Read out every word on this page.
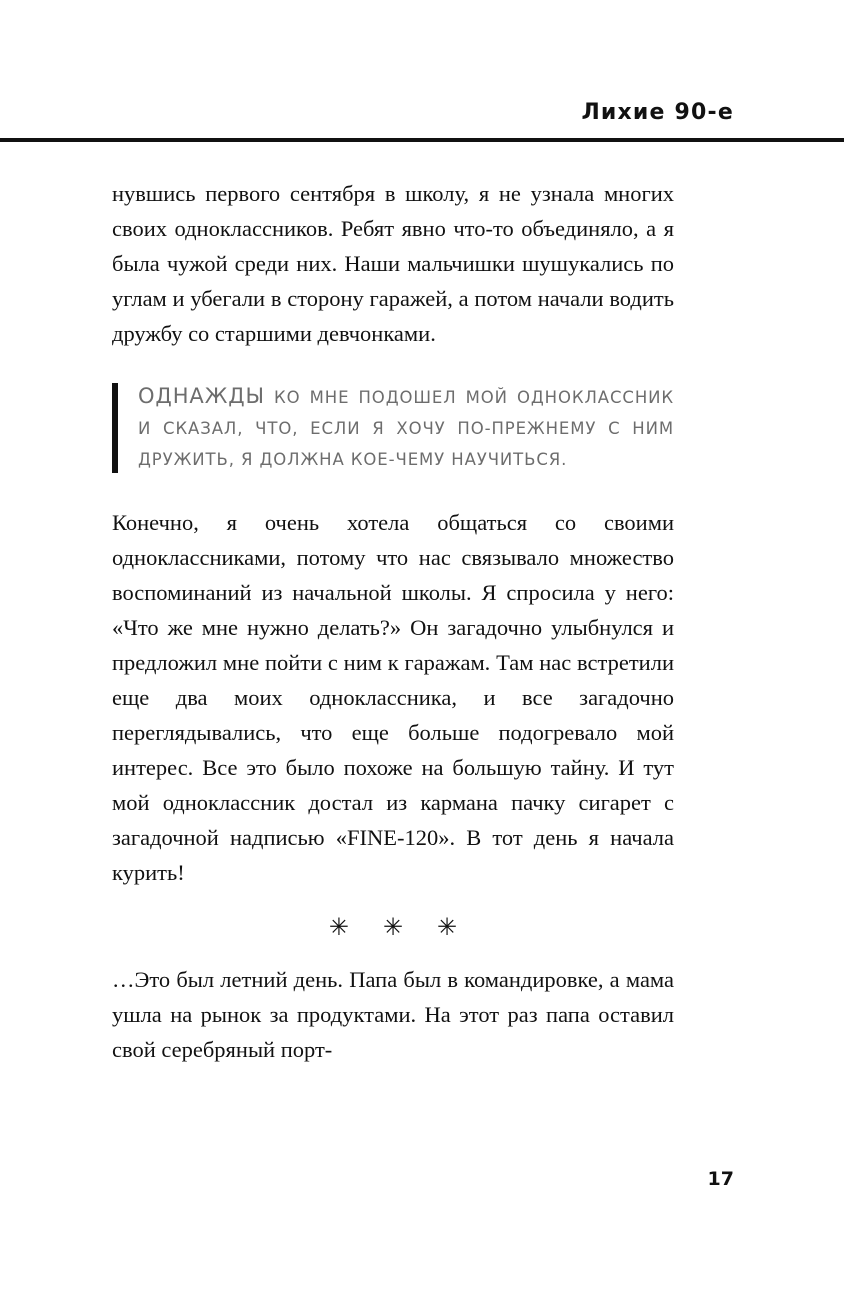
Лихие 90-е

нувшись первого сентября в школу, я не узнала многих своих одноклассников. Ребят явно что-то объединяло, а я была чужой среди них. Наши мальчишки шушукались по углам и убегали в сторону гаражей, а потом начали водить дружбу со старшими девчонками.

ОДНАЖДЫ КО МНЕ ПОДОШЕЛ МОЙ ОДНОКЛАССНИК И СКАЗАЛ, ЧТО, ЕСЛИ Я ХОЧУ ПО-ПРЕЖНЕМУ С НИМ ДРУЖИТЬ, Я ДОЛЖНА КОЕ-ЧЕМУ НАУЧИТЬСЯ.

Конечно, я очень хотела общаться со своими одноклассниками, потому что нас связывало множество воспоминаний из начальной школы. Я спросила у него: «Что же мне нужно делать?» Он загадочно улыбнулся и предложил мне пойти с ним к гаражам. Там нас встретили еще два моих одноклассника, и все загадочно переглядывались, что еще больше подогревало мой интерес. Все это было похоже на большую тайну. И тут мой одноклассник достал из кармана пачку сигарет с загадочной надписью «FINE-120». В тот день я начала курить!

✳ ✳ ✳

…Это был летний день. Папа был в командировке, а мама ушла на рынок за продуктами. На этот раз папа оставил свой серебряный порт-

17
